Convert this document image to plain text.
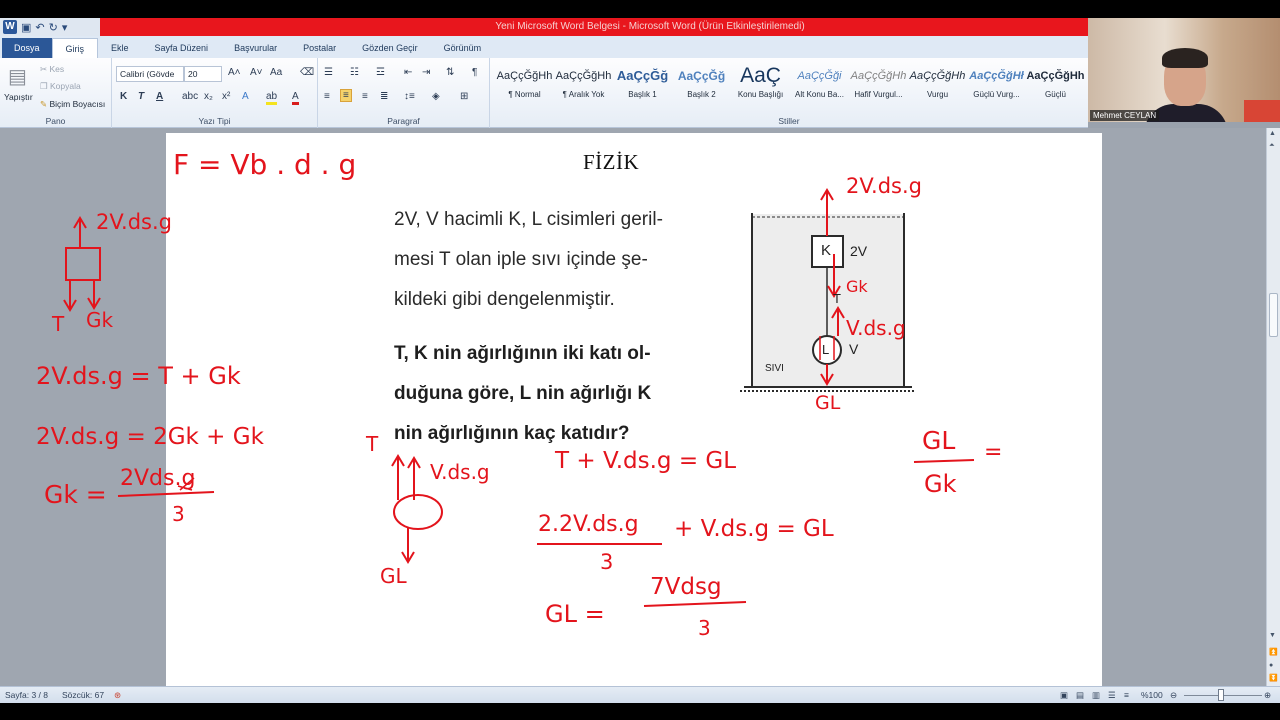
W ▣ ↶ ↻ ▾	Yeni Microsoft Word Belgesi - Microsoft Word (Ürün Etkinleştirilemedi)
Dosya	Giriş	Ekle	Sayfa Düzeni	Başvurular	Postalar	Gözden Geçir	Görünüm
▤
Yapıştır
✂ Kes
❐ Kopyala
✎ Biçim Boyacısı
Pano
Calibri (Gövde	20	A˄ A˅ Aa ⌫
K T A abc x₂ x² A ab A
Yazı Tipi
☰ ☷ ☲ ⇤ ⇥ ⇅ ¶
≡	≡	≡ ≣ ↕≡ ◈ ⊞
Paragraf
AaÇçĞğHh
¶ Normal
AaÇçĞğHh
¶ Aralık Yok
AaÇçĞğ
Başlık 1
AaÇçĞğ
Başlık 2
AaÇ
Konu Başlığı
AaÇçĞği
Alt Konu Ba...
AaÇçĞğHh
Hafif Vurgul...
AaÇçĞğHh
Vurgu
AaÇçĞğHł
Güçlü Vurg...
AaÇçĞğHh
Güçlü
Stiller
Mehmet CEYLAN
FİZİK
2V, V hacimli K, L cisimleri geril-
mesi T olan iple sıvı içinde şe-
kildeki gibi dengelenmiştir.
T, K nin ağırlığının iki katı ol-
duğuna göre, L nin ağırlığı K
nin ağırlığının kaç katıdır?
K 2V
T
L V
SIVI
F = Vb . d . g
2V.ds.g
T Gk
2V.ds.g = T + Gk
2V.ds.g = 2Gk + Gk
Gk =
2Vds.g
3
2V.ds.g
Gk
V.ds.g
GL
T
V.ds.g
GL
T + V.ds.g = GL
2.2V.ds.g
3
+ V.ds.g = GL
GL =
7Vdsg
3
GL
Gk
=
▲
⏶
▼
⏫
●
⏬
Sayfa: 3 / 8 Sözcük: 67 ⊛	▣ ▤ ▥ ☰ ≡ %100 ⊖	⊕
